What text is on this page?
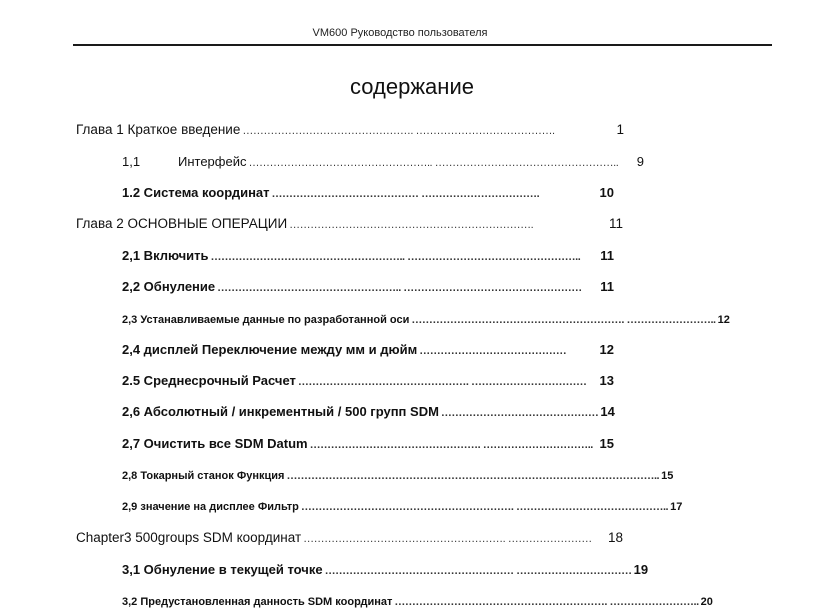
VM600 Руководство пользователя
содержание
Глава 1 Краткое введение …………………………………………. ………………………………….	1
1,1	Интерфейс …………………………………………….. ……………………………………………..	9
1.2 Система координат …………………………………… …………………………….	10
Глава 2 ОСНОВНЫЕ ОПЕРАЦИИ …………………………………………………………….	11
2,1 Включить ……………………………………………….. …………………………………………..	11
2,2 Обнуление …………………………………………….. ……………………………………………	11
2,3 Устанавливаемые данные по разработанной оси ……………………………………………………. …………………….. 12
2,4 дисплей Переключение между мм и дюйм ……………………………………	12
2.5 Среднесрочный Расчет …………………………………………. ……………………………	13
2,6 Абсолютный / инкрементный / 500 групп SDM ……………………………………… 14
2,7 Очистить все SDM Datum …………………………………………. ………………………….. 15
2,8 Токарный станок Функция …………………………………………………………………………………………….. 15
2,9 значение на дисплее Фильтр ……………………………………………………. …………………………………….. 17
Chapter3 500groups SDM координат …………………………………………………. ……………………	18
3,1 Обнуление в текущей точке ……………………………………………… …………………………… 19
3,2 Предустановленная данность SDM координат ……………………………………………………. …………………….. 20
